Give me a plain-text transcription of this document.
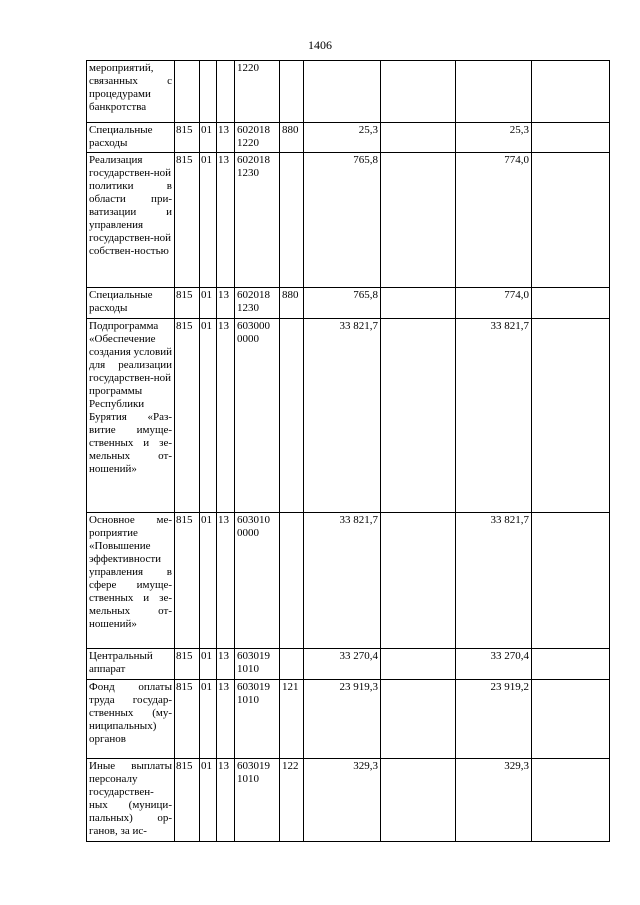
1406
мероприятий, связанных с процедурами банкротства				1220					
Специальные расходы	815	01	13	602018 1220	880	25,3		25,3	
Реализация государствен-ной политики в области при-ватизации и управления государствен-ной собствен-ностью	815	01	13	602018 1230		765,8		774,0	
Специальные расходы	815	01	13	602018 1230	880	765,8		774,0	
Подпрограмма «Обеспечение создания условий для реализации государствен-ной программы Республики Бурятия «Раз-витие имуще-ственных и зе-мельных от-ношений»	815	01	13	603000 0000		33 821,7		33 821,7	
Основное ме-роприятие «Повышение эффективности управления в сфере имуще-ственных и зе-мельных от-ношений»	815	01	13	603010 0000		33 821,7		33 821,7	
Центральный аппарат	815	01	13	603019 1010		33 270,4		33 270,4	
Фонд оплаты труда государ-ственных (му-ниципальных) органов	815	01	13	603019 1010	121	23 919,3		23 919,2	
Иные выплаты персоналу государствен-ных (муници-пальных) ор-ганов, за ис-	815	01	13	603019 1010	122	329,3		329,3	
